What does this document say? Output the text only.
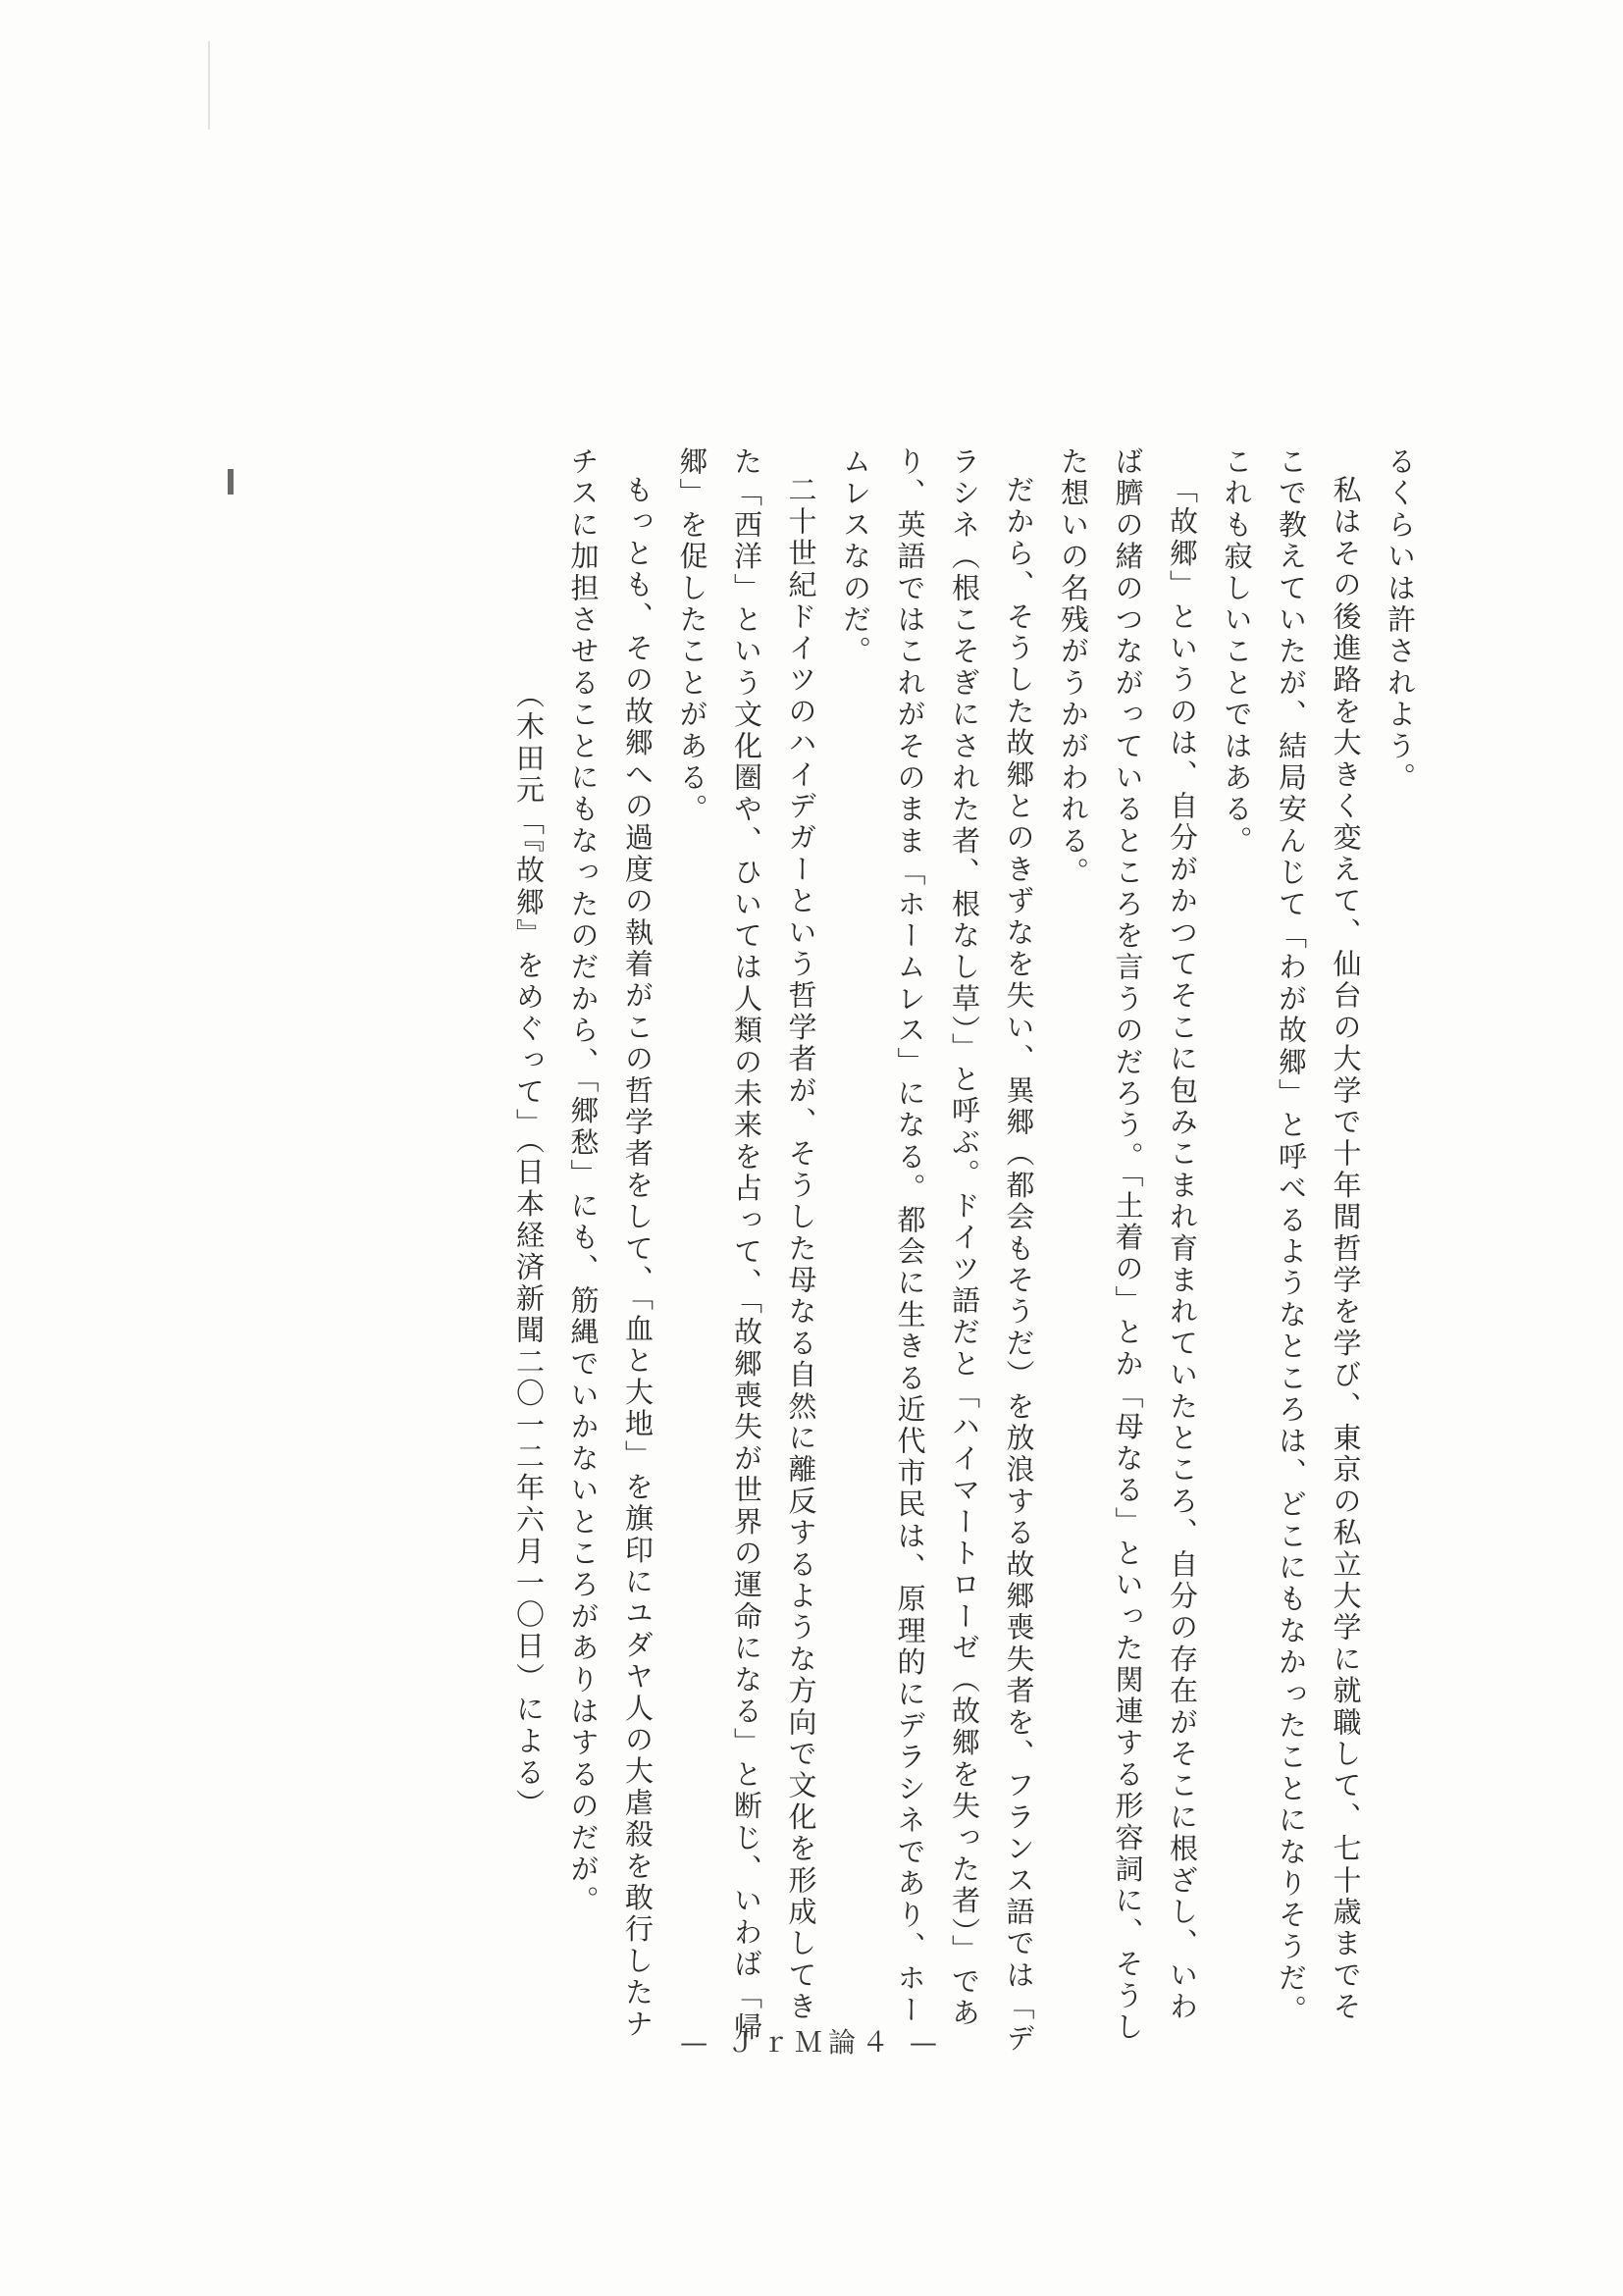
るくらいは許されよう。
私はその後進路を大きく変えて、仙台の大学で十年間哲学を学び、東京の私立大学に就職して、七十歳までそ
こで教えていたが、結局安んじて「わが故郷」と呼べるようなところは、どこにもなかったことになりそうだ。
これも寂しいことではある。
「故郷」というのは、自分がかつてそこに包みこまれ育まれていたところ、自分の存在がそこに根ざし、いわ
ば臍の緒のつながっているところを言うのだろう。「土着の」とか「母なる」といった関連する形容詞に、そうし
た想いの名残がうかがわれる。
だから、そうした故郷とのきずなを失い、異郷（都会もそうだ）を放浪する故郷喪失者を、フランス語では「デ
ラシネ（根こそぎにされた者、根なし草）」と呼ぶ。ドイツ語だと「ハイマートローゼ（故郷を失った者）」であ
り、英語ではこれがそのまま「ホームレス」になる。都会に生きる近代市民は、原理的にデラシネであり、ホー
ムレスなのだ。
二十世紀ドイツのハイデガーという哲学者が、そうした母なる自然に離反するような方向で文化を形成してき
た「西洋」という文化圏や、ひいては人類の未来を占って、「故郷喪失が世界の運命になる」と断じ、いわば「帰
郷」を促したことがある。
もっとも、その故郷への過度の執着がこの哲学者をして、「血と大地」を旗印にユダヤ人の大虐殺を敢行したナ
チスに加担させることにもなったのだから、「郷愁」にも、筋縄でいかないところがありはするのだが。
（木田元「『故郷』をめぐって」（日本経済新聞二〇一二年六月一〇日）による）
— ＪｒＭ論４ —
